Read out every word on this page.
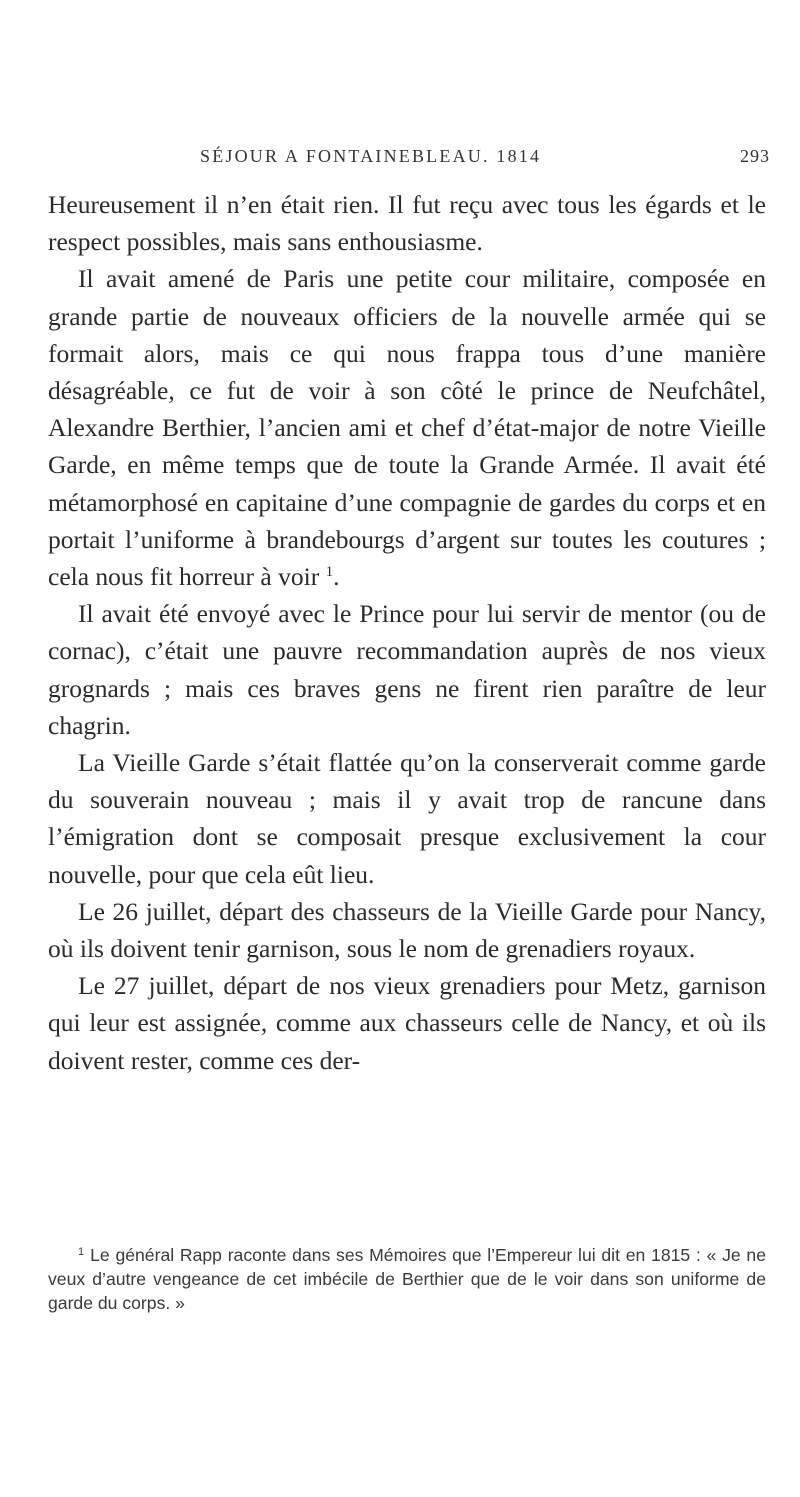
SÉJOUR A FONTAINEBLEAU. 1814	293

Heureusement il n’en était rien. Il fut reçu avec tous les égards et le respect possibles, mais sans enthousiasme.

Il avait amené de Paris une petite cour militaire, composée en grande partie de nouveaux officiers de la nouvelle armée qui se formait alors, mais ce qui nous frappa tous d’une manière désagréable, ce fut de voir à son côté le prince de Neufchâtel, Alexandre Berthier, l’ancien ami et chef d’état-major de notre Vieille Garde, en même temps que de toute la Grande Armée. Il avait été métamorphosé en capitaine d’une compagnie de gardes du corps et en portait l’uniforme à brandebourgs d’argent sur toutes les coutures ; cela nous fit horreur à voir $^1$.

Il avait été envoyé avec le Prince pour lui servir de mentor (ou de cornac), c’était une pauvre recommandation auprès de nos vieux grognards ; mais ces braves gens ne firent rien paraître de leur chagrin.

La Vieille Garde s’était flattée qu’on la conserverait comme garde du souverain nouveau ; mais il y avait trop de rancune dans l’émigration dont se composait presque exclusivement la cour nouvelle, pour que cela eût lieu.

Le 26 juillet, départ des chasseurs de la Vieille Garde pour Nancy, où ils doivent tenir garnison, sous le nom de grenadiers royaux.

Le 27 juillet, départ de nos vieux grenadiers pour Metz, garnison qui leur est assignée, comme aux chasseurs celle de Nancy, et où ils doivent rester, comme ces der-

$^1$ Le général Rapp raconte dans ses Mémoires que l’Empereur lui dit en 1815 : « Je ne veux d’autre vengeance de cet imbécile de Berthier que de le voir dans son uniforme de garde du corps. »
